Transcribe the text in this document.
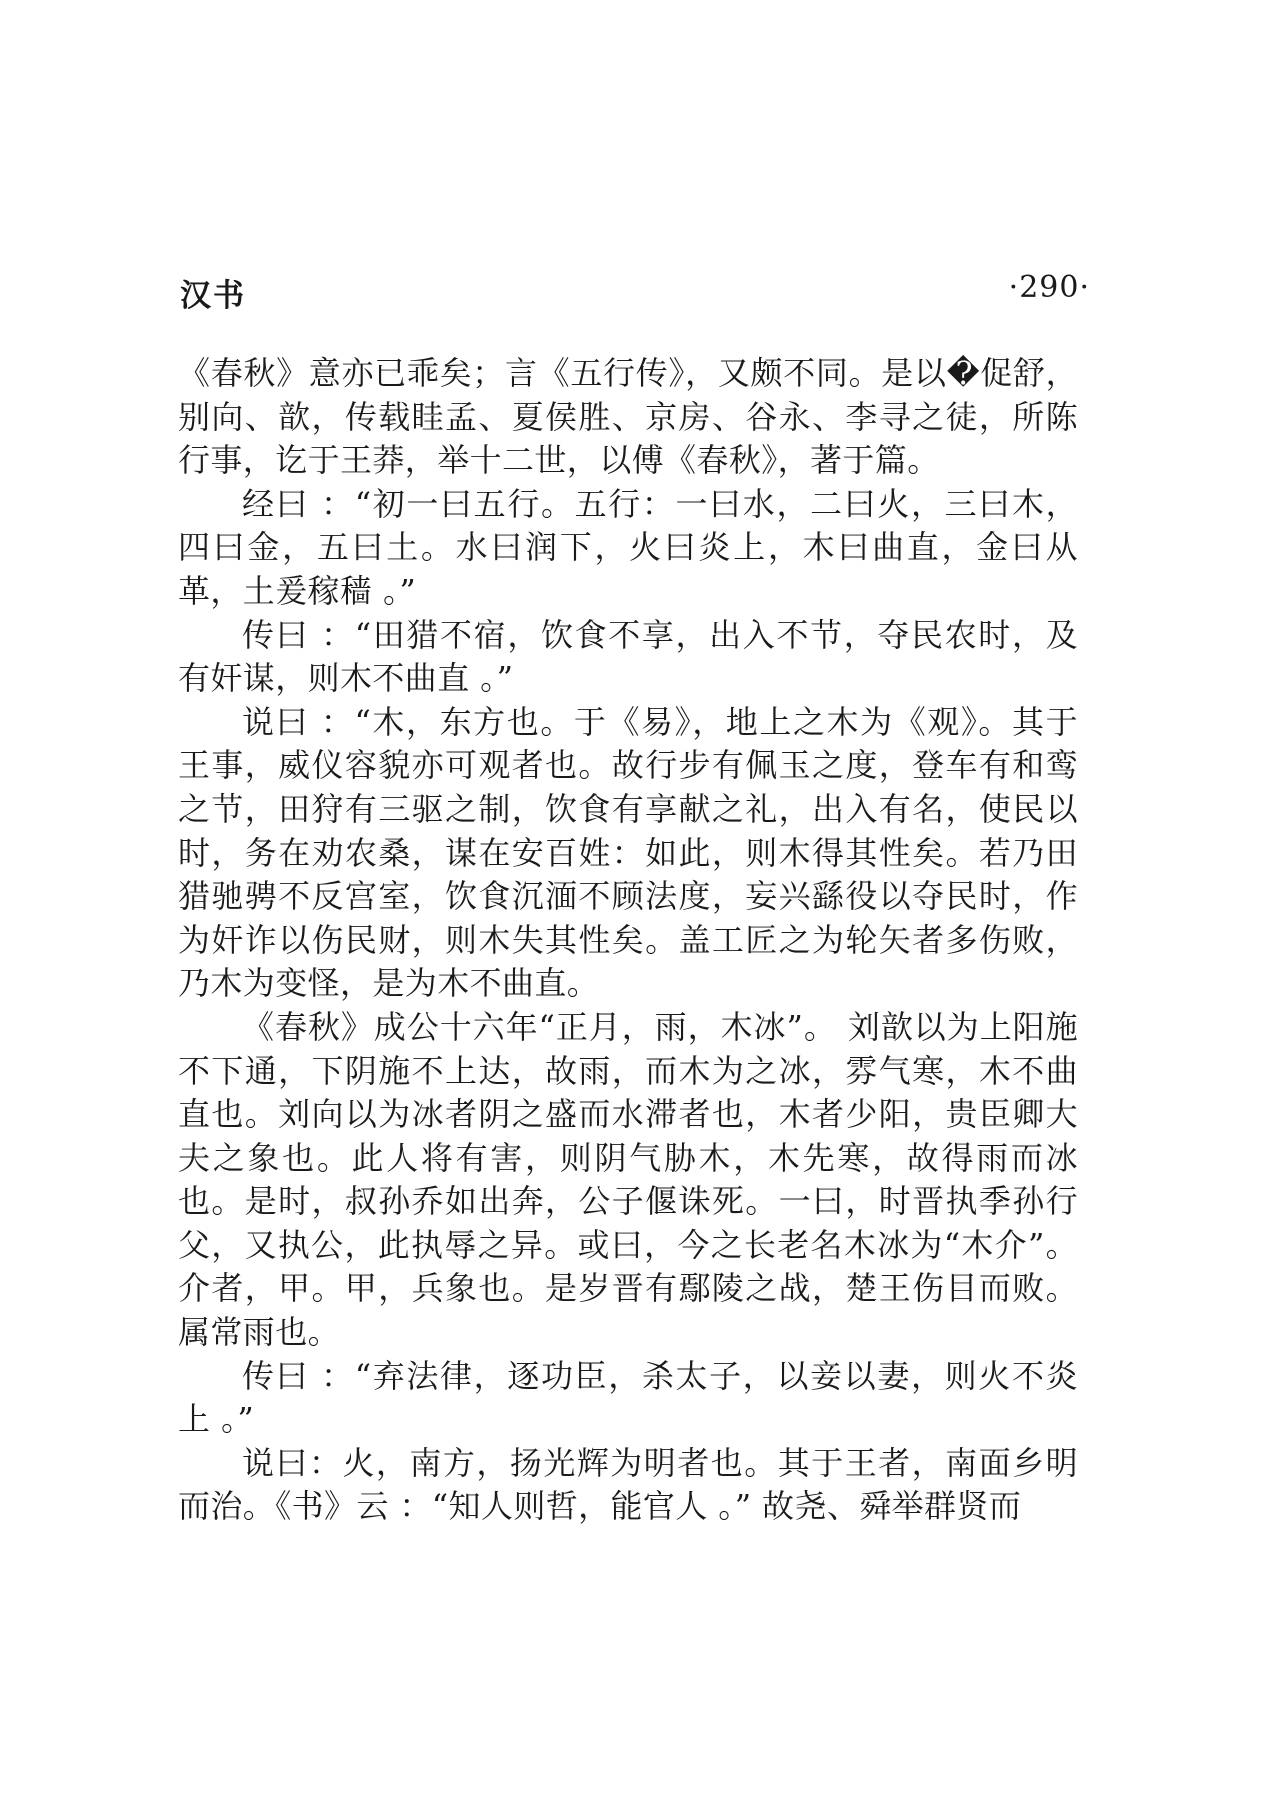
汉书	·290·

《春秋》意亦已乖矣；言《五行传》，又颇不同。是以�促舒，别向、歆，传载眭孟、夏侯胜、京房、谷永、李寻之徒，所陈行事，讫于王莽，举十二世，以傅《春秋》，著于篇。

经曰 ：“初一曰五行。五行：一曰水，二曰火，三曰木，四曰金，五曰土。水曰润下，火曰炎上，木曰曲直，金曰从革，土爰稼穑 。”

传曰 ：“田猎不宿，饮食不享，出入不节，夺民农时，及有奸谋，则木不曲直 。”

说曰 ：“木，东方也。于《易》，地上之木为《观》。其于王事，威仪容貌亦可观者也。故行步有佩玉之度，登车有和鸾之节，田狩有三驱之制，饮食有享献之礼，出入有名，使民以时，务在劝农桑，谋在安百姓：如此，则木得其性矣。若乃田猎驰骋不反宫室，饮食沉湎不顾法度，妄兴繇役以夺民时，作为奸诈以伤民财，则木失其性矣。盖工匠之为轮矢者多伤败，乃木为变怪，是为木不曲直。

《春秋》成公十六年“正月，雨，木冰”。 刘歆以为上阳施不下通，下阴施不上达，故雨，而木为之冰，雰气寒，木不曲直也。刘向以为冰者阴之盛而水滞者也，木者少阳，贵臣卿大夫之象也。此人将有害，则阴气胁木，木先寒，故得雨而冰也。是时，叔孙乔如出奔，公子偃诛死。一曰，时晋执季孙行父，又执公，此执辱之异。或曰，今之长老名木冰为“木介”。介者，甲。甲，兵象也。是岁晋有鄢陵之战，楚王伤目而败。属常雨也。

传曰 ：“弃法律，逐功臣，杀太子，以妾以妻，则火不炎上 。”

说曰：火，南方，扬光辉为明者也。其于王者，南面乡明而治。《书》云 ：“知人则哲，能官人 。” 故尧、舜举群贤而
